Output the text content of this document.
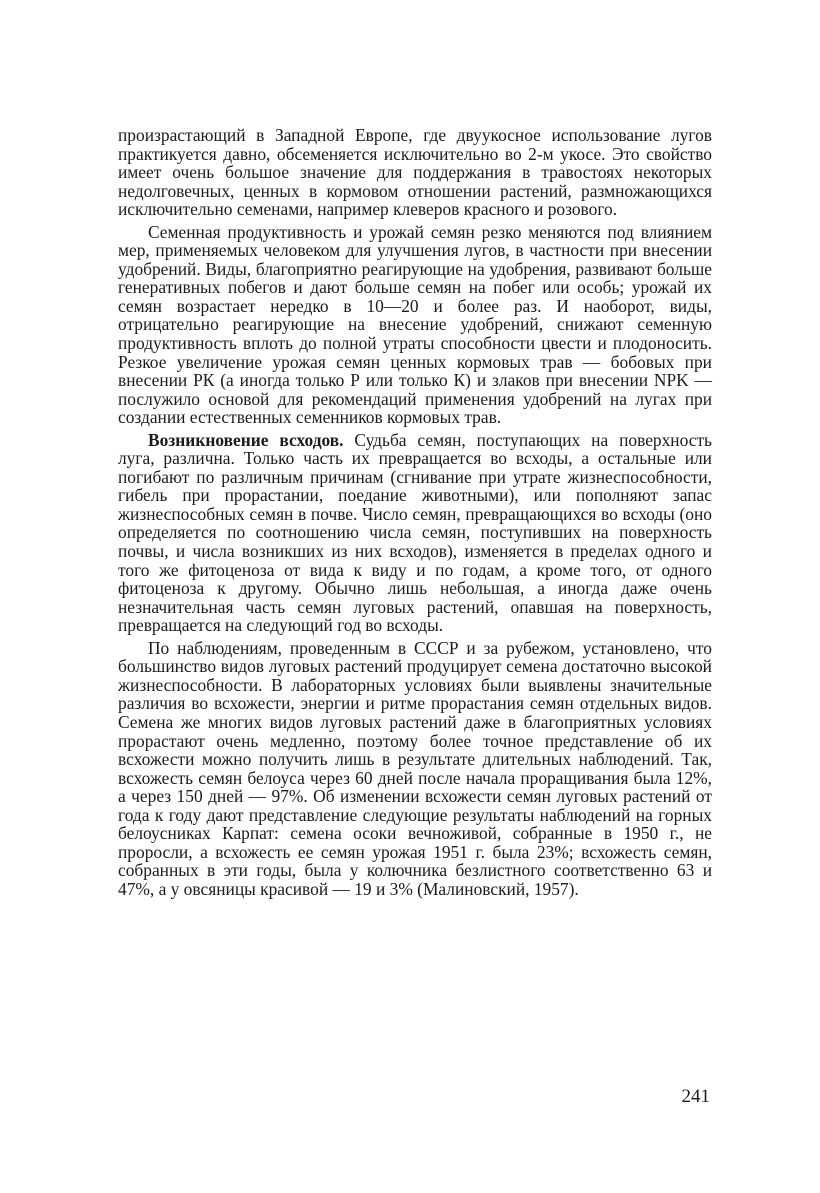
произрастающий в Западной Европе, где двуукосное использование лугов практикуется давно, обсеменяется исключительно во 2-м укосе. Это свойство имеет очень большое значение для поддержания в травостоях некоторых недолговечных, ценных в кормовом отношении растений, размножающихся исключительно семенами, например клеверов красного и розового.

Семенная продуктивность и урожай семян резко меняются под влиянием мер, применяемых человеком для улучшения лугов, в частности при внесении удобрений. Виды, благоприятно реагирующие на удобрения, развивают больше генеративных побегов и дают больше семян на побег или особь; урожай их семян возрастает нередко в 10—20 и более раз. И наоборот, виды, отрицательно реагирующие на внесение удобрений, снижают семенную продуктивность вплоть до полной утраты способности цвести и плодоносить. Резкое увеличение урожая семян ценных кормовых трав — бобовых при внесении РК (а иногда только Р или только К) и злаков при внесении NPK — послужило основой для рекомендаций применения удобрений на лугах при создании естественных семенников кормовых трав.

Возникновение всходов. Судьба семян, поступающих на поверхность луга, различна. Только часть их превращается во всходы, а остальные или погибают по различным причинам (сгнивание при утрате жизнеспособности, гибель при прорастании, поедание животными), или пополняют запас жизнеспособных семян в почве. Число семян, превращающихся во всходы (оно определяется по соотношению числа семян, поступивших на поверхность почвы, и числа возникших из них всходов), изменяется в пределах одного и того же фитоценоза от вида к виду и по годам, а кроме того, от одного фитоценоза к другому. Обычно лишь небольшая, а иногда даже очень незначительная часть семян луговых растений, опавшая на поверхность, превращается на следующий год во всходы.

По наблюдениям, проведенным в СССР и за рубежом, установлено, что большинство видов луговых растений продуцирует семена достаточно высокой жизнеспособности. В лабораторных условиях были выявлены значительные различия во всхожести, энергии и ритме прорастания семян отдельных видов. Семена же многих видов луговых растений даже в благоприятных условиях прорастают очень медленно, поэтому более точное представление об их всхожести можно получить лишь в результате длительных наблюдений. Так, всхожесть семян белоуса через 60 дней после начала проращивания была 12%, а через 150 дней — 97%. Об изменении всхожести семян луговых растений от года к году дают представление следующие результаты наблюдений на горных белоусниках Карпат: семена осоки вечноживой, собранные в 1950 г., не проросли, а всхожесть ее семян урожая 1951 г. была 23%; всхожесть семян, собранных в эти годы, была у колючника безлистного соответственно 63 и 47%, а у овсяницы красивой — 19 и 3% (Малиновский, 1957).

241
